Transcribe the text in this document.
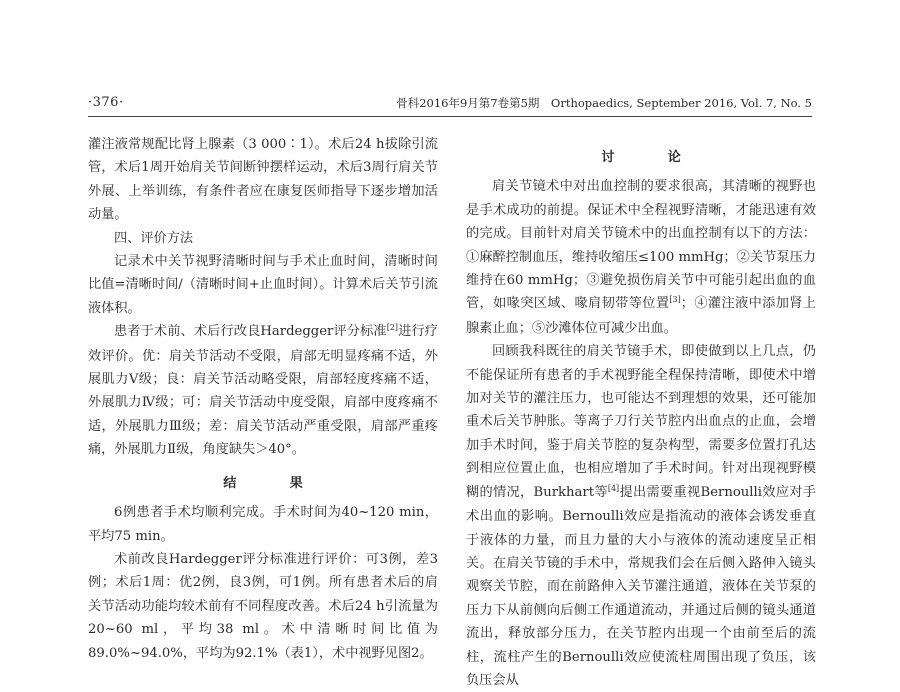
·376·	骨科2016年9月第7卷第5期　Orthopaedics, September 2016, Vol. 7, No. 5

灌注液常规配比肾上腺素（3 000∶1）。术后24 h拔除引流管，术后1周开始肩关节间断钟摆样运动，术后3周行肩关节外展、上举训练，有条件者应在康复医师指导下逐步增加活动量。

四、评价方法

记录术中关节视野清晰时间与手术止血时间，清晰时间比值=清晰时间/（清晰时间+止血时间）。计算术后关节引流液体积。

患者于术前、术后行改良Hardegger评分标准[2]进行疗效评价。优：肩关节活动不受限，肩部无明显疼痛不适，外展肌力Ⅴ级；良：肩关节活动略受限，肩部轻度疼痛不适，外展肌力Ⅳ级；可：肩关节活动中度受限，肩部中度疼痛不适，外展肌力Ⅲ级；差：肩关节活动严重受限，肩部严重疼痛，外展肌力Ⅱ级，角度缺失＞40°。

结　果

6例患者手术均顺利完成。手术时间为40~120 min，平均75 min。

术前改良Hardegger评分标准进行评价：可3例，差3例；术后1周：优2例，良3例，可1例。所有患者术后的肩关节活动功能均较术前有不同程度改善。术后24 h引流量为20~60 ml，平均38 ml。术中清晰时间比值为89.0%~94.0%，平均为92.1%（表1），术中视野见图2。

讨　论

肩关节镜术中对出血控制的要求很高，其清晰的视野也是手术成功的前提。保证术中全程视野清晰，才能迅速有效的完成。目前针对肩关节镜术中的出血控制有以下的方法：①麻醉控制血压，维持收缩压≤100 mmHg；②关节泵压力维持在60 mmHg；③避免损伤肩关节中可能引起出血的血管，如喙突区域、喙肩韧带等位置[3]；④灌注液中添加肾上腺素止血；⑤沙滩体位可减少出血。

回顾我科既往的肩关节镜手术，即使做到以上几点，仍不能保证所有患者的手术视野能全程保持清晰，即使术中增加对关节的灌注压力，也可能达不到理想的效果，还可能加重术后关节肿胀。等离子刀行关节腔内出血点的止血，会增加手术时间，鉴于肩关节腔的复杂构型，需要多位置打孔达到相应位置止血，也相应增加了手术时间。针对出现视野模糊的情况，Burkhart等[4]提出需要重视Bernoulli效应对手术出血的影响。Bernoulli效应是指流动的液体会诱发垂直于液体的力量，而且力量的大小与液体的流动速度呈正相关。在肩关节镜的手术中，常规我们会在后侧入路伸入镜头观察关节腔，而在前路伸入关节灌注通道，液体在关节泵的压力下从前侧向后侧工作通道流动，并通过后侧的镜头通道流出，释放部分压力，在关节腔内出现一个由前至后的流柱，流柱产生的Bernoulli效应使流柱周围出现了负压，该负压会从
